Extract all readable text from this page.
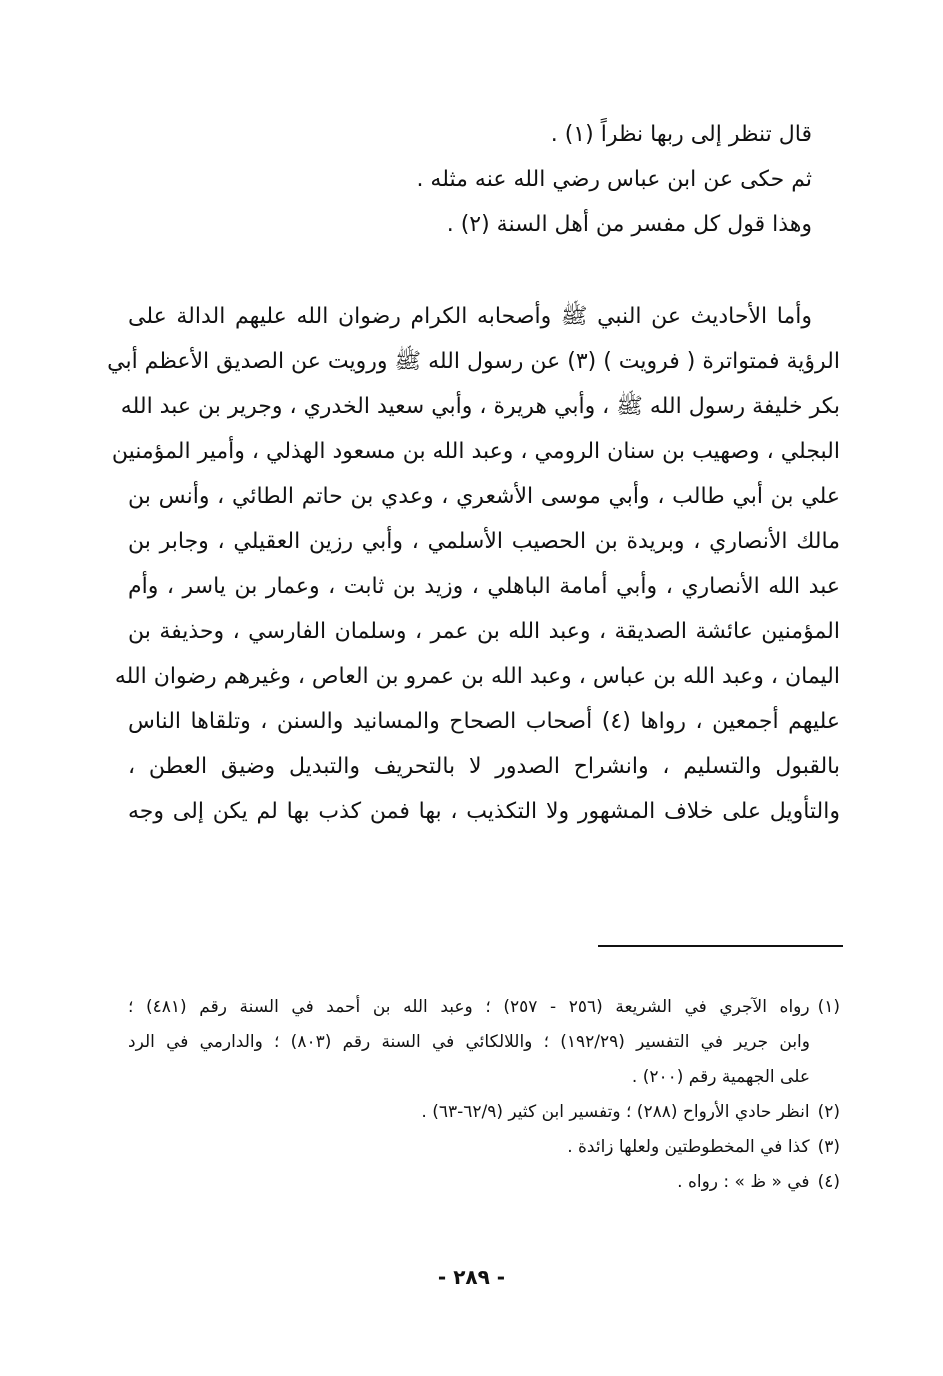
قال تنظر إلى ربها نظراً (١) .
ثم حكى عن ابن عباس رضي الله عنه مثله .
وهذا قول كل مفسر من أهل السنة (٢) .
وأما الأحاديث عن النبي ﷺ وأصحابه الكرام رضوان الله عليهم الدالة على
الرؤية فمتواترة ( فرويت ) (٣) عن رسول الله ﷺ ورويت عن الصديق الأعظم أبي
بكر خليفة رسول الله ﷺ ، وأبي هريرة ، وأبي سعيد الخدري ، وجرير بن عبد الله
البجلي ، وصهيب بن سنان الرومي ، وعبد الله بن مسعود الهذلي ، وأمير المؤمنين
علي بن أبي طالب ، وأبي موسى الأشعري ، وعدي بن حاتم الطائي ، وأنس بن
مالك الأنصاري ، وبريدة بن الحصيب الأسلمي ، وأبي رزين العقيلي ، وجابر بن
عبد الله الأنصاري ، وأبي أمامة الباهلي ، وزيد بن ثابت ، وعمار بن ياسر ، وأم
المؤمنين عائشة الصديقة ، وعبد الله بن عمر ، وسلمان الفارسي ، وحذيفة بن
اليمان ، وعبد الله بن عباس ، وعبد الله بن عمرو بن العاص ، وغيرهم رضوان الله
عليهم أجمعين ، رواها (٤) أصحاب الصحاح والمسانيد والسنن ، وتلقاها الناس
بالقبول والتسليم ، وانشراح الصدور لا بالتحريف والتبديل وضيق العطن ،
والتأويل على خلاف المشهور ولا التكذيب ، بها فمن كذب بها لم يكن إلى وجه
(١)رواه الآجري في الشريعة (٢٥٦ - ٢٥٧) ؛ وعبد الله بن أحمد في السنة رقم (٤٨١) ؛
وابن جرير في التفسير (١٩٢/٢٩) ؛ واللالكائي في السنة رقم (٨٠٣) ؛ والدارمي في الرد
على الجهمية رقم (٢٠٠) .
(٢)انظر حادي الأرواح (٢٨٨) ؛ وتفسير ابن كثير (٦٢/٩-٦٣) .
(٣)كذا في المخطوطتين ولعلها زائدة .
(٤)في « ظ » : رواه .
- ٢٨٩ -
